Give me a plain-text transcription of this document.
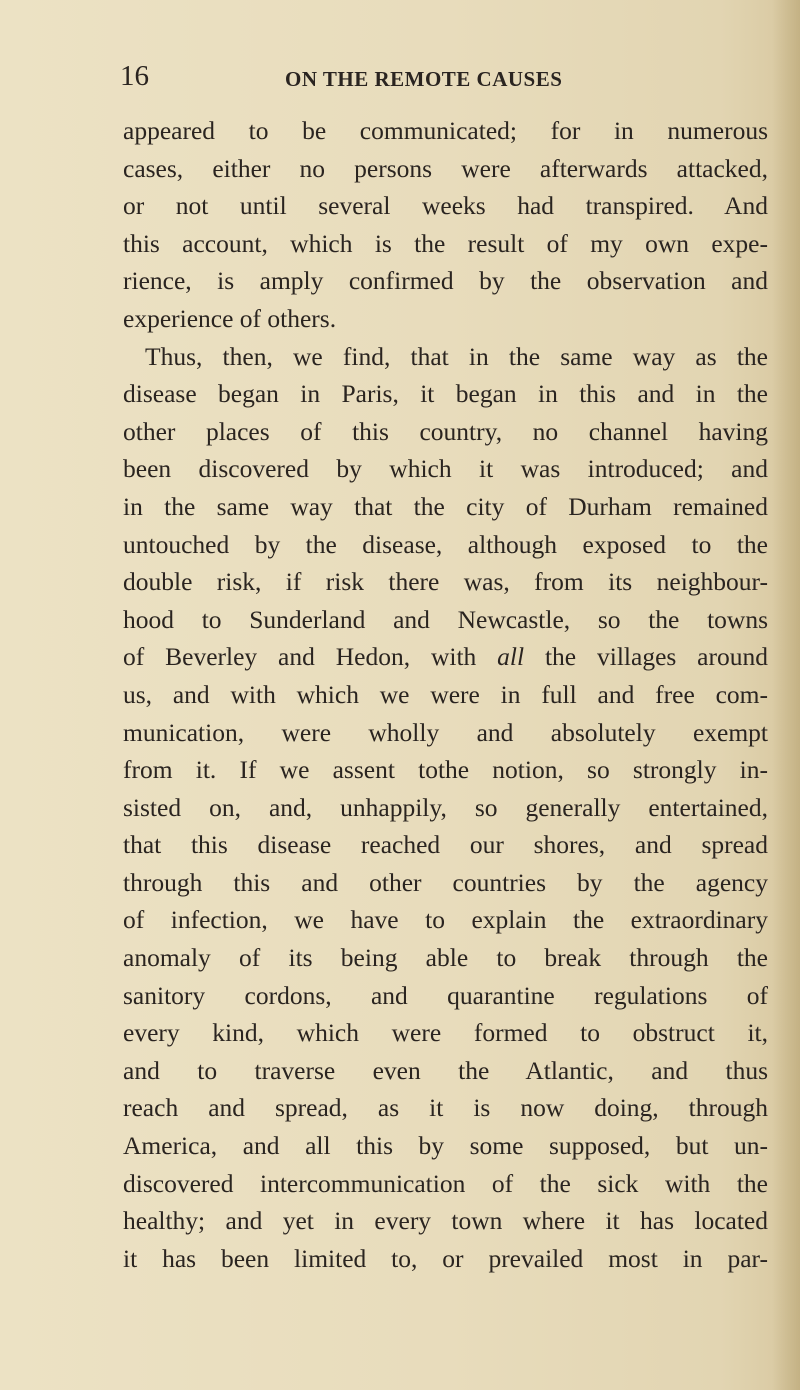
16	ON THE REMOTE CAUSES
appeared to be communicated; for in numerous
cases, either no persons were afterwards attacked,
or not until several weeks had transpired. And
this account, which is the result of my own expe-
rience, is amply confirmed by the observation and
experience of others.
Thus, then, we find, that in the same way as the
disease began in Paris, it began in this and in the
other places of this country, no channel having
been discovered by which it was introduced; and
in the same way that the city of Durham remained
untouched by the disease, although exposed to the
double risk, if risk there was, from its neighbour-
hood to Sunderland and Newcastle, so the towns
of Beverley and Hedon, with all the villages around
us, and with which we were in full and free com-
munication, were wholly and absolutely exempt
from it. If we assent tothe notion, so strongly in-
sisted on, and, unhappily, so generally entertained,
that this disease reached our shores, and spread
through this and other countries by the agency
of infection, we have to explain the extraordinary
anomaly of its being able to break through the
sanitory cordons, and quarantine regulations of
every kind, which were formed to obstruct it,
and to traverse even the Atlantic, and thus
reach and spread, as it is now doing, through
America, and all this by some supposed, but un-
discovered intercommunication of the sick with the
healthy; and yet in every town where it has located
it has been limited to, or prevailed most in par-
